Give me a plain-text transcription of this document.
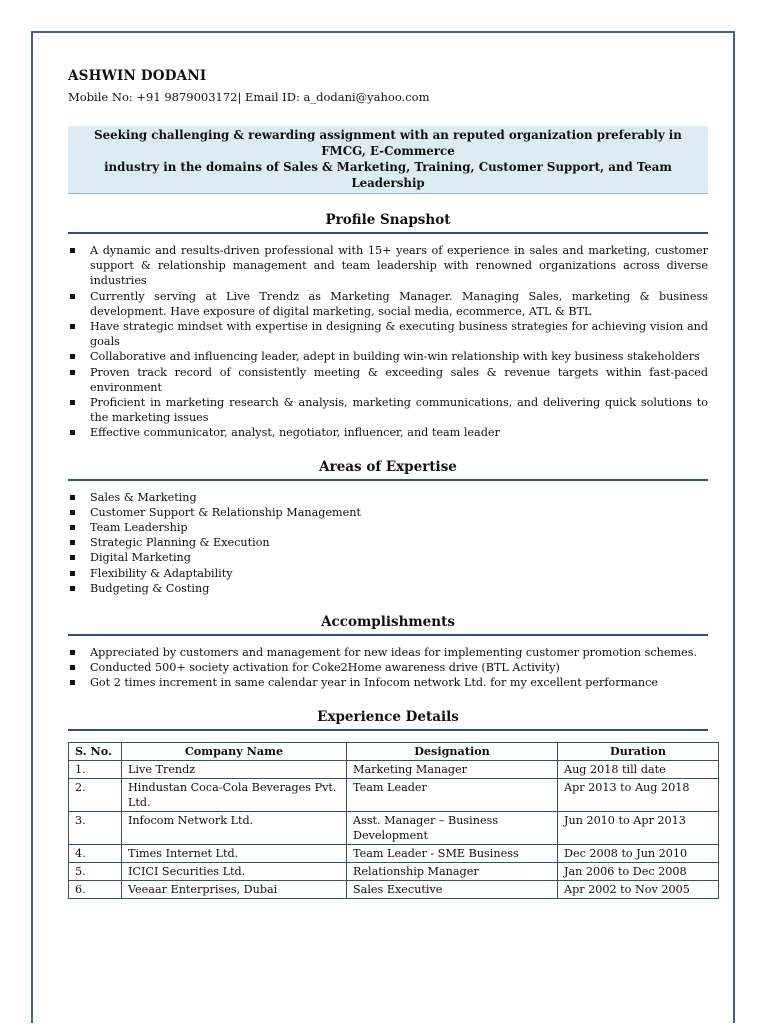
ASHWIN DODANI
Mobile No: +91 9879003172| Email ID: a_dodani@yahoo.com
Seeking challenging & rewarding assignment with an reputed organization preferably in FMCG, E-Commerce
industry in the domains of Sales & Marketing, Training, Customer Support, and Team Leadership
Profile Snapshot
A dynamic and results-driven professional with 15+ years of experience in sales and marketing, customer support & relationship management and team leadership with renowned organizations across diverse industries
Currently serving at Live Trendz as Marketing Manager. Managing Sales, marketing & business development. Have exposure of digital marketing, social media, ecommerce, ATL & BTL
Have strategic mindset with expertise in designing & executing business strategies for achieving vision and goals
Collaborative and influencing leader, adept in building win-win relationship with key business stakeholders
Proven track record of consistently meeting & exceeding sales & revenue targets within fast-paced environment
Proficient in marketing research & analysis, marketing communications, and delivering quick solutions to the marketing issues
Effective communicator, analyst, negotiator, influencer, and team leader
Areas of Expertise
Sales & Marketing
Customer Support & Relationship Management
Team Leadership
Strategic Planning & Execution
Digital Marketing
Flexibility & Adaptability
Budgeting & Costing
Accomplishments
Appreciated by customers and management for new ideas for implementing customer promotion schemes.
Conducted 500+ society activation for Coke2Home awareness drive (BTL Activity)
Got 2 times increment in same calendar year in Infocom network Ltd. for my excellent performance
Experience Details
S. No.	Company Name	Designation	Duration
1.	Live Trendz	Marketing Manager	Aug 2018 till date
2.	Hindustan Coca-Cola Beverages Pvt. Ltd.	Team Leader	Apr 2013 to Aug 2018
3.	Infocom Network Ltd.	Asst. Manager – Business Development	Jun 2010 to Apr 2013
4.	Times Internet Ltd.	Team Leader - SME Business	Dec 2008 to Jun 2010
5.	ICICI Securities Ltd.	Relationship Manager	Jan 2006 to Dec 2008
6.	Veeaar Enterprises, Dubai	Sales Executive	Apr 2002 to Nov 2005
